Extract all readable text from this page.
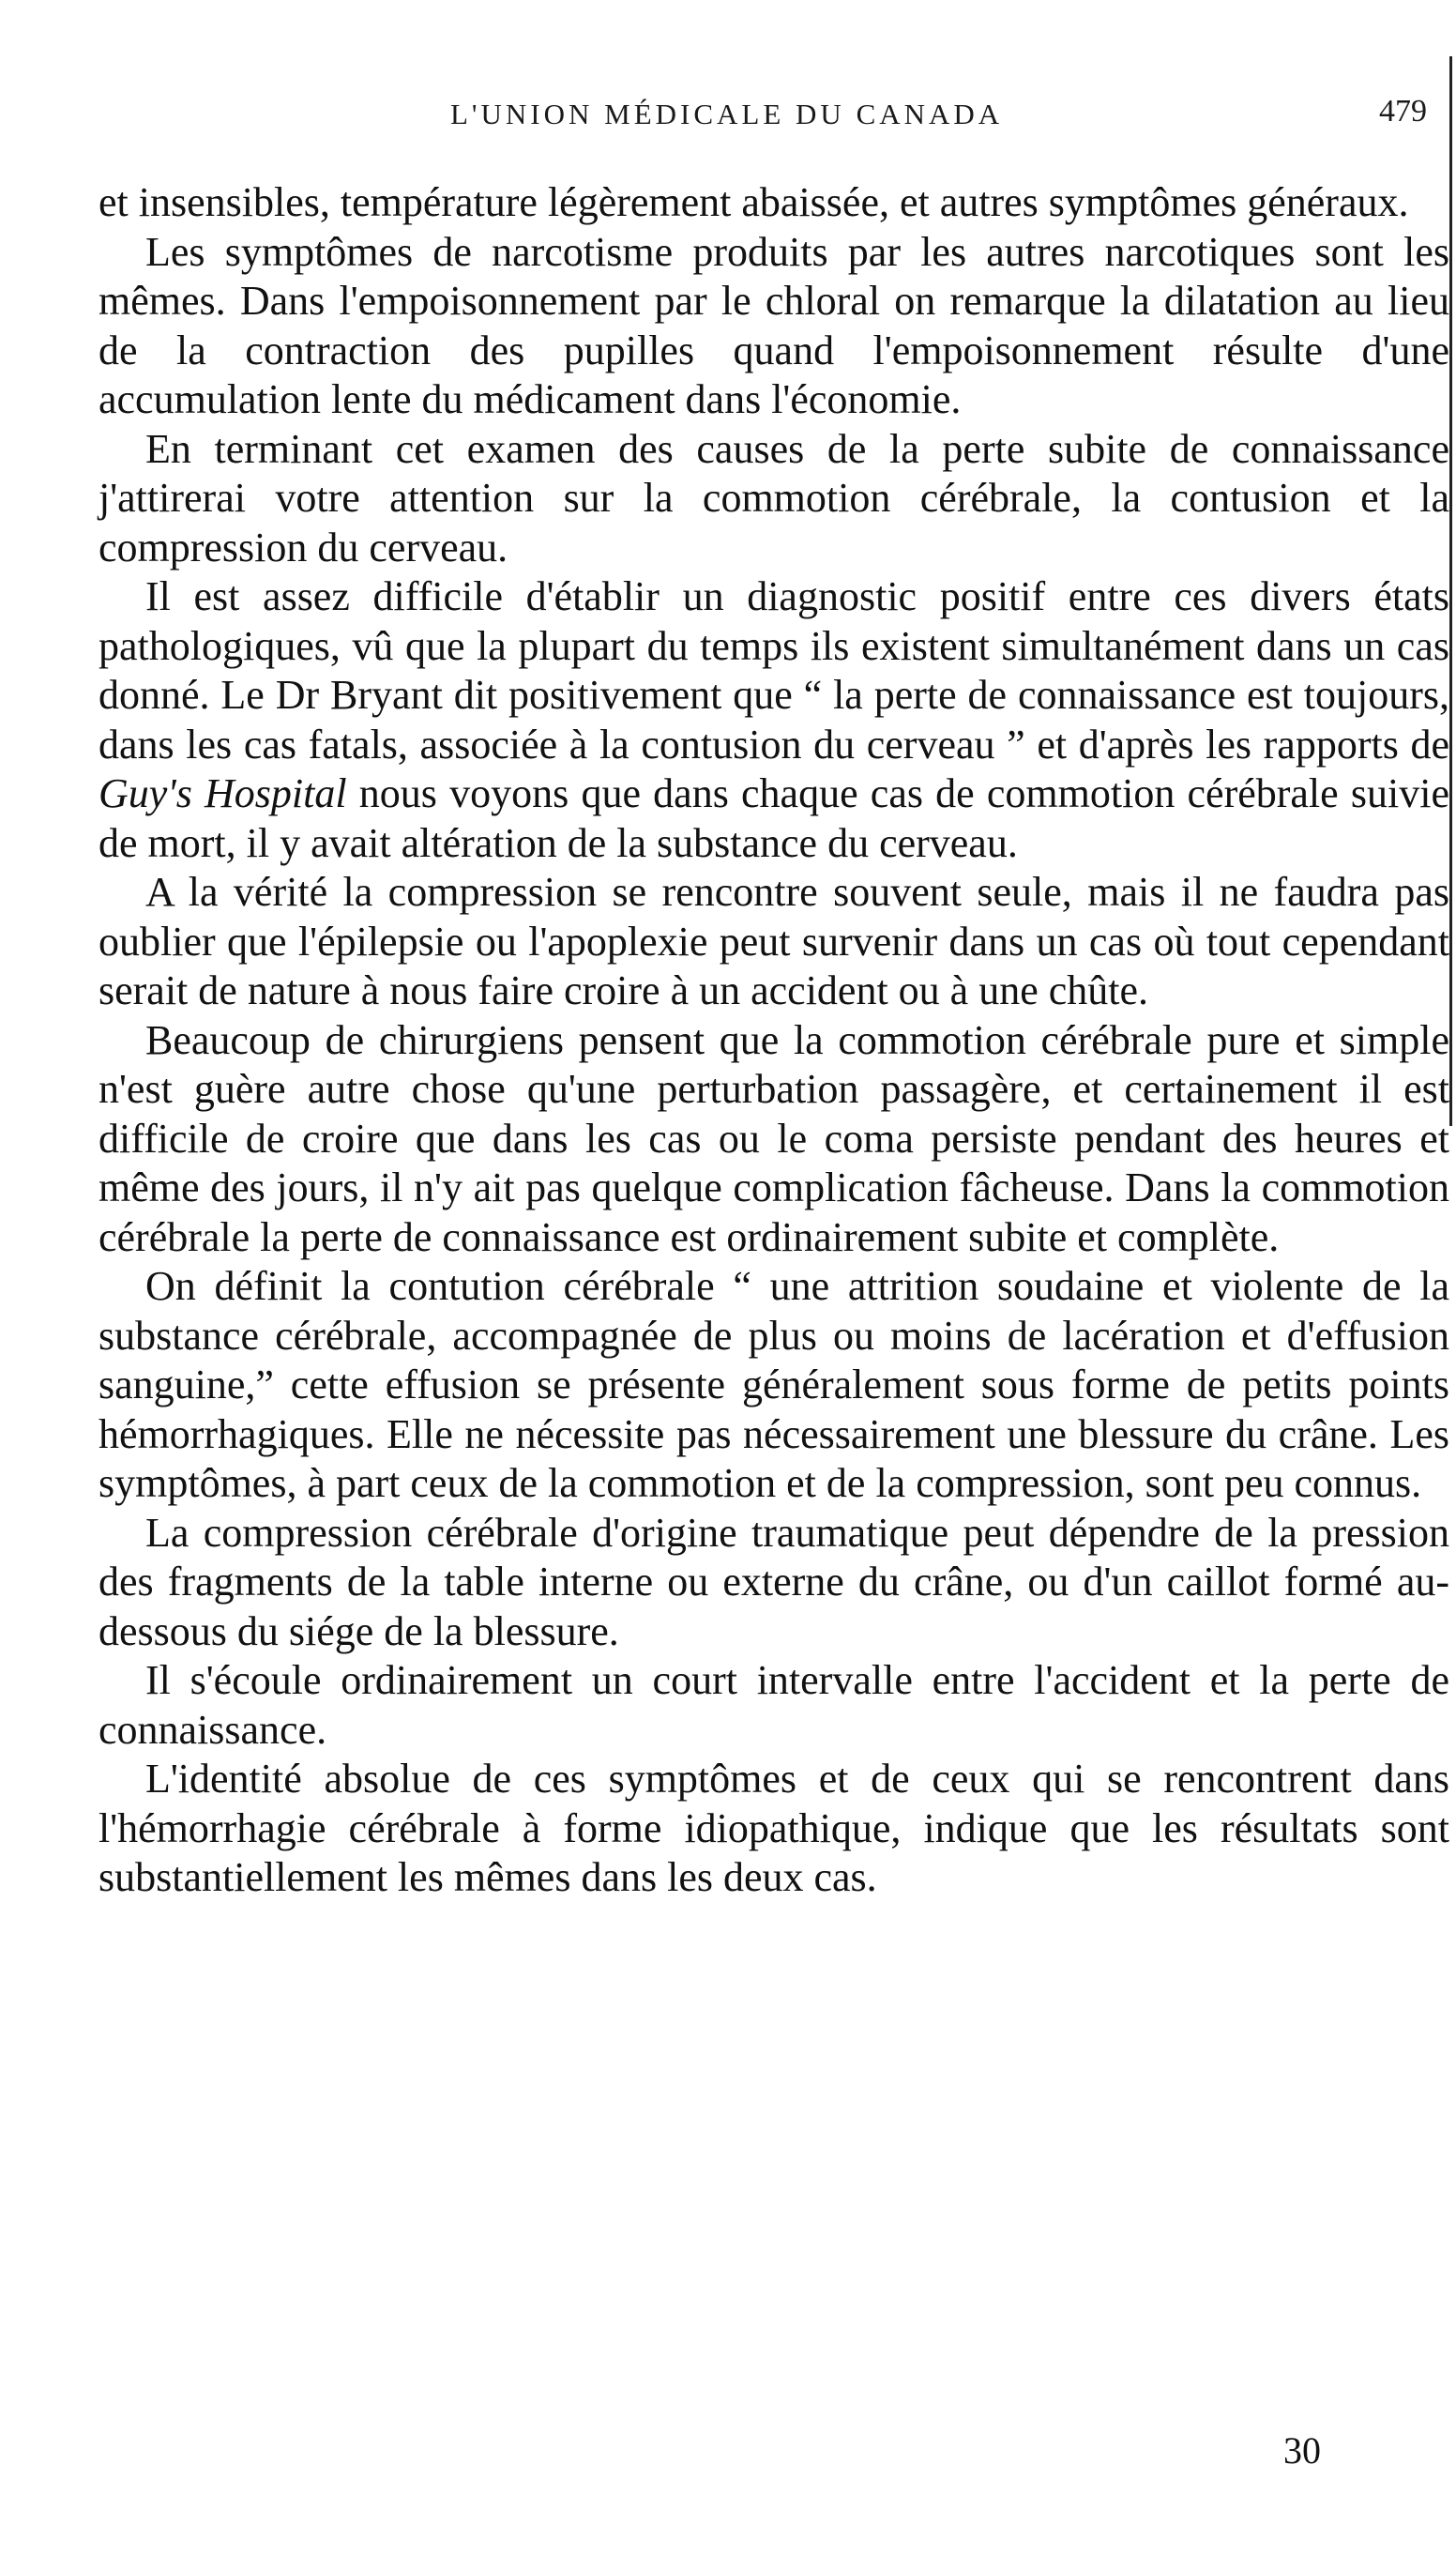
L'UNION MÉDICALE DU CANADA	479

et insensibles, température légèrement abaissée, et autres symptômes généraux.

Les symptômes de narcotisme produits par les autres narcotiques sont les mêmes. Dans l'empoisonnement par le chloral on remarque la dilatation au lieu de la contraction des pupilles quand l'empoisonnement résulte d'une accumulation lente du médicament dans l'économie.

En terminant cet examen des causes de la perte subite de connaissance j'attirerai votre attention sur la commotion cérébrale, la contusion et la compression du cerveau.

Il est assez difficile d'établir un diagnostic positif entre ces divers états pathologiques, vû que la plupart du temps ils existent simultanément dans un cas donné. Le Dr Bryant dit positivement que “ la perte de connaissance est toujours, dans les cas fatals, associée à la contusion du cerveau ” et d'après les rapports de Guy's Hospital nous voyons que dans chaque cas de commotion cérébrale suivie de mort, il y avait altération de la substance du cerveau.

A la vérité la compression se rencontre souvent seule, mais il ne faudra pas oublier que l'épilepsie ou l'apoplexie peut survenir dans un cas où tout cependant serait de nature à nous faire croire à un accident ou à une chûte.

Beaucoup de chirurgiens pensent que la commotion cérébrale pure et simple n'est guère autre chose qu'une perturbation passagère, et certainement il est difficile de croire que dans les cas ou le coma persiste pendant des heures et même des jours, il n'y ait pas quelque complication fâcheuse. Dans la commotion cérébrale la perte de connaissance est ordinairement subite et complète.

On définit la contution cérébrale “ une attrition soudaine et violente de la substance cérébrale, accompagnée de plus ou moins de lacération et d'effusion sanguine,” cette effusion se présente généralement sous forme de petits points hémorrhagiques. Elle ne nécessite pas nécessairement une blessure du crâne. Les symptômes, à part ceux de la commotion et de la compression, sont peu connus.

La compression cérébrale d'origine traumatique peut dépendre de la pression des fragments de la table interne ou externe du crâne, ou d'un caillot formé au-dessous du siége de la blessure.

Il s'écoule ordinairement un court intervalle entre l'accident et la perte de connaissance.

L'identité absolue de ces symptômes et de ceux qui se rencontrent dans l'hémorrhagie cérébrale à forme idiopathique, indique que les résultats sont substantiellement les mêmes dans les deux cas.

30
